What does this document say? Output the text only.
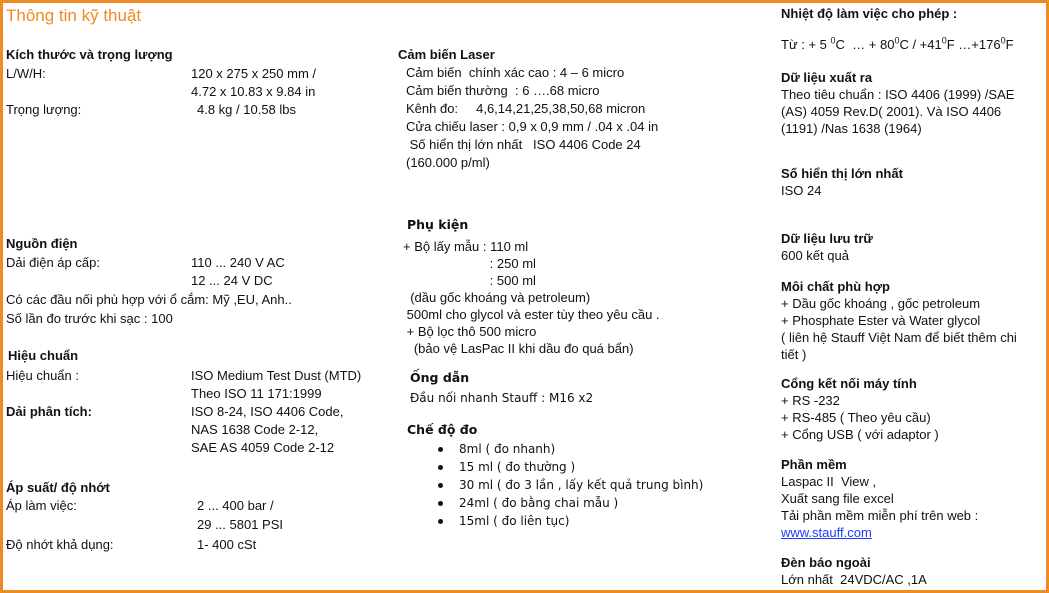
Thông tin kỹ thuật
Kích thước và trọng lượng
L/W/H:	120 x 275 x 250 mm /
4.72 x 10.83 x 9.84 in
Trọng lượng:	4.8 kg / 10.58 lbs
Nguồn điện
Dải điện áp cấp:	110 ... 240 V AC
12 ... 24 V DC
Có các đầu nối phù hợp với ổ cắm: Mỹ ,EU, Anh..
Số lần đo trước khi sạc : 100
Hiệu chuẩn
Hiệu chuẩn :	ISO Medium Test Dust (MTD)
Theo ISO 11 171:1999
Dải phân tích:	ISO 8-24, ISO 4406 Code,
NAS 1638 Code 2-12,
SAE AS 4059 Code 2-12
Áp suất/ độ nhớt
Áp làm việc:	2 ... 400 bar /
29 ... 5801 PSI
Độ nhớt khả dụng:	1- 400 cSt
Cảm biến Laser
Cảm biến  chính xác cao : 4 – 6 micro
Cảm biến thường  : 6 ….68 micro
Kênh đo:     4,6,14,21,25,38,50,68 micron
Cửa chiếu laser : 0,9 x 0,9 mm / .04 x .04 in
Số hiển thị lớn nhất   ISO 4406 Code 24
(160.000 p/ml)
Phụ kiện
+ Bộ lấy mẫu : 110 ml
: 250 ml
: 500 ml
(dầu gốc khoáng và petroleum)
500ml cho glycol và ester tùy theo yêu cầu .
+ Bộ lọc thô 500 micro
(bảo vệ LasPac II khi dầu đo quá bẩn)
Ống dẫn
Đầu nối nhanh Stauff : M16 x2
Chế độ đo
8ml ( đo nhanh)
15 ml ( đo thường )
30 ml ( đo 3 lần , lấy kết quả trung bình)
24ml ( đo bằng chai mẫu )
15ml ( đo liên tục)
Nhiệt độ làm việc cho phép :
Từ : + 5 $^0$C  … + $80^0C / +41^0F$ $\dots+176^0F$
Dữ liệu xuất ra
Theo tiêu chuẩn : ISO 4406 (1999) /SAE
(AS) 4059 Rev.D( 2001). Và ISO 4406
(1191) /Nas 1638 (1964)
Số hiển thị lớn nhất
ISO 24
Dữ liệu lưu trữ
600 kết quả
Môi chất phù hợp
+ Dầu gốc khoáng , gốc petroleum
+ Phosphate Ester và Water glycol
( liên hệ Stauff Việt Nam để biết thêm chi
tiết )
Cổng kết nối máy tính
+ RS -232
+ RS-485 ( Theo yêu cầu)
+ Cổng USB ( với adaptor )
Phần mềm
Laspac II  View ,
Xuất sang file excel
Tải phần mềm miễn phí trên web :
www.stauff.com
Đèn báo ngoài
Lớn nhất  24VDC/AC ,1A
